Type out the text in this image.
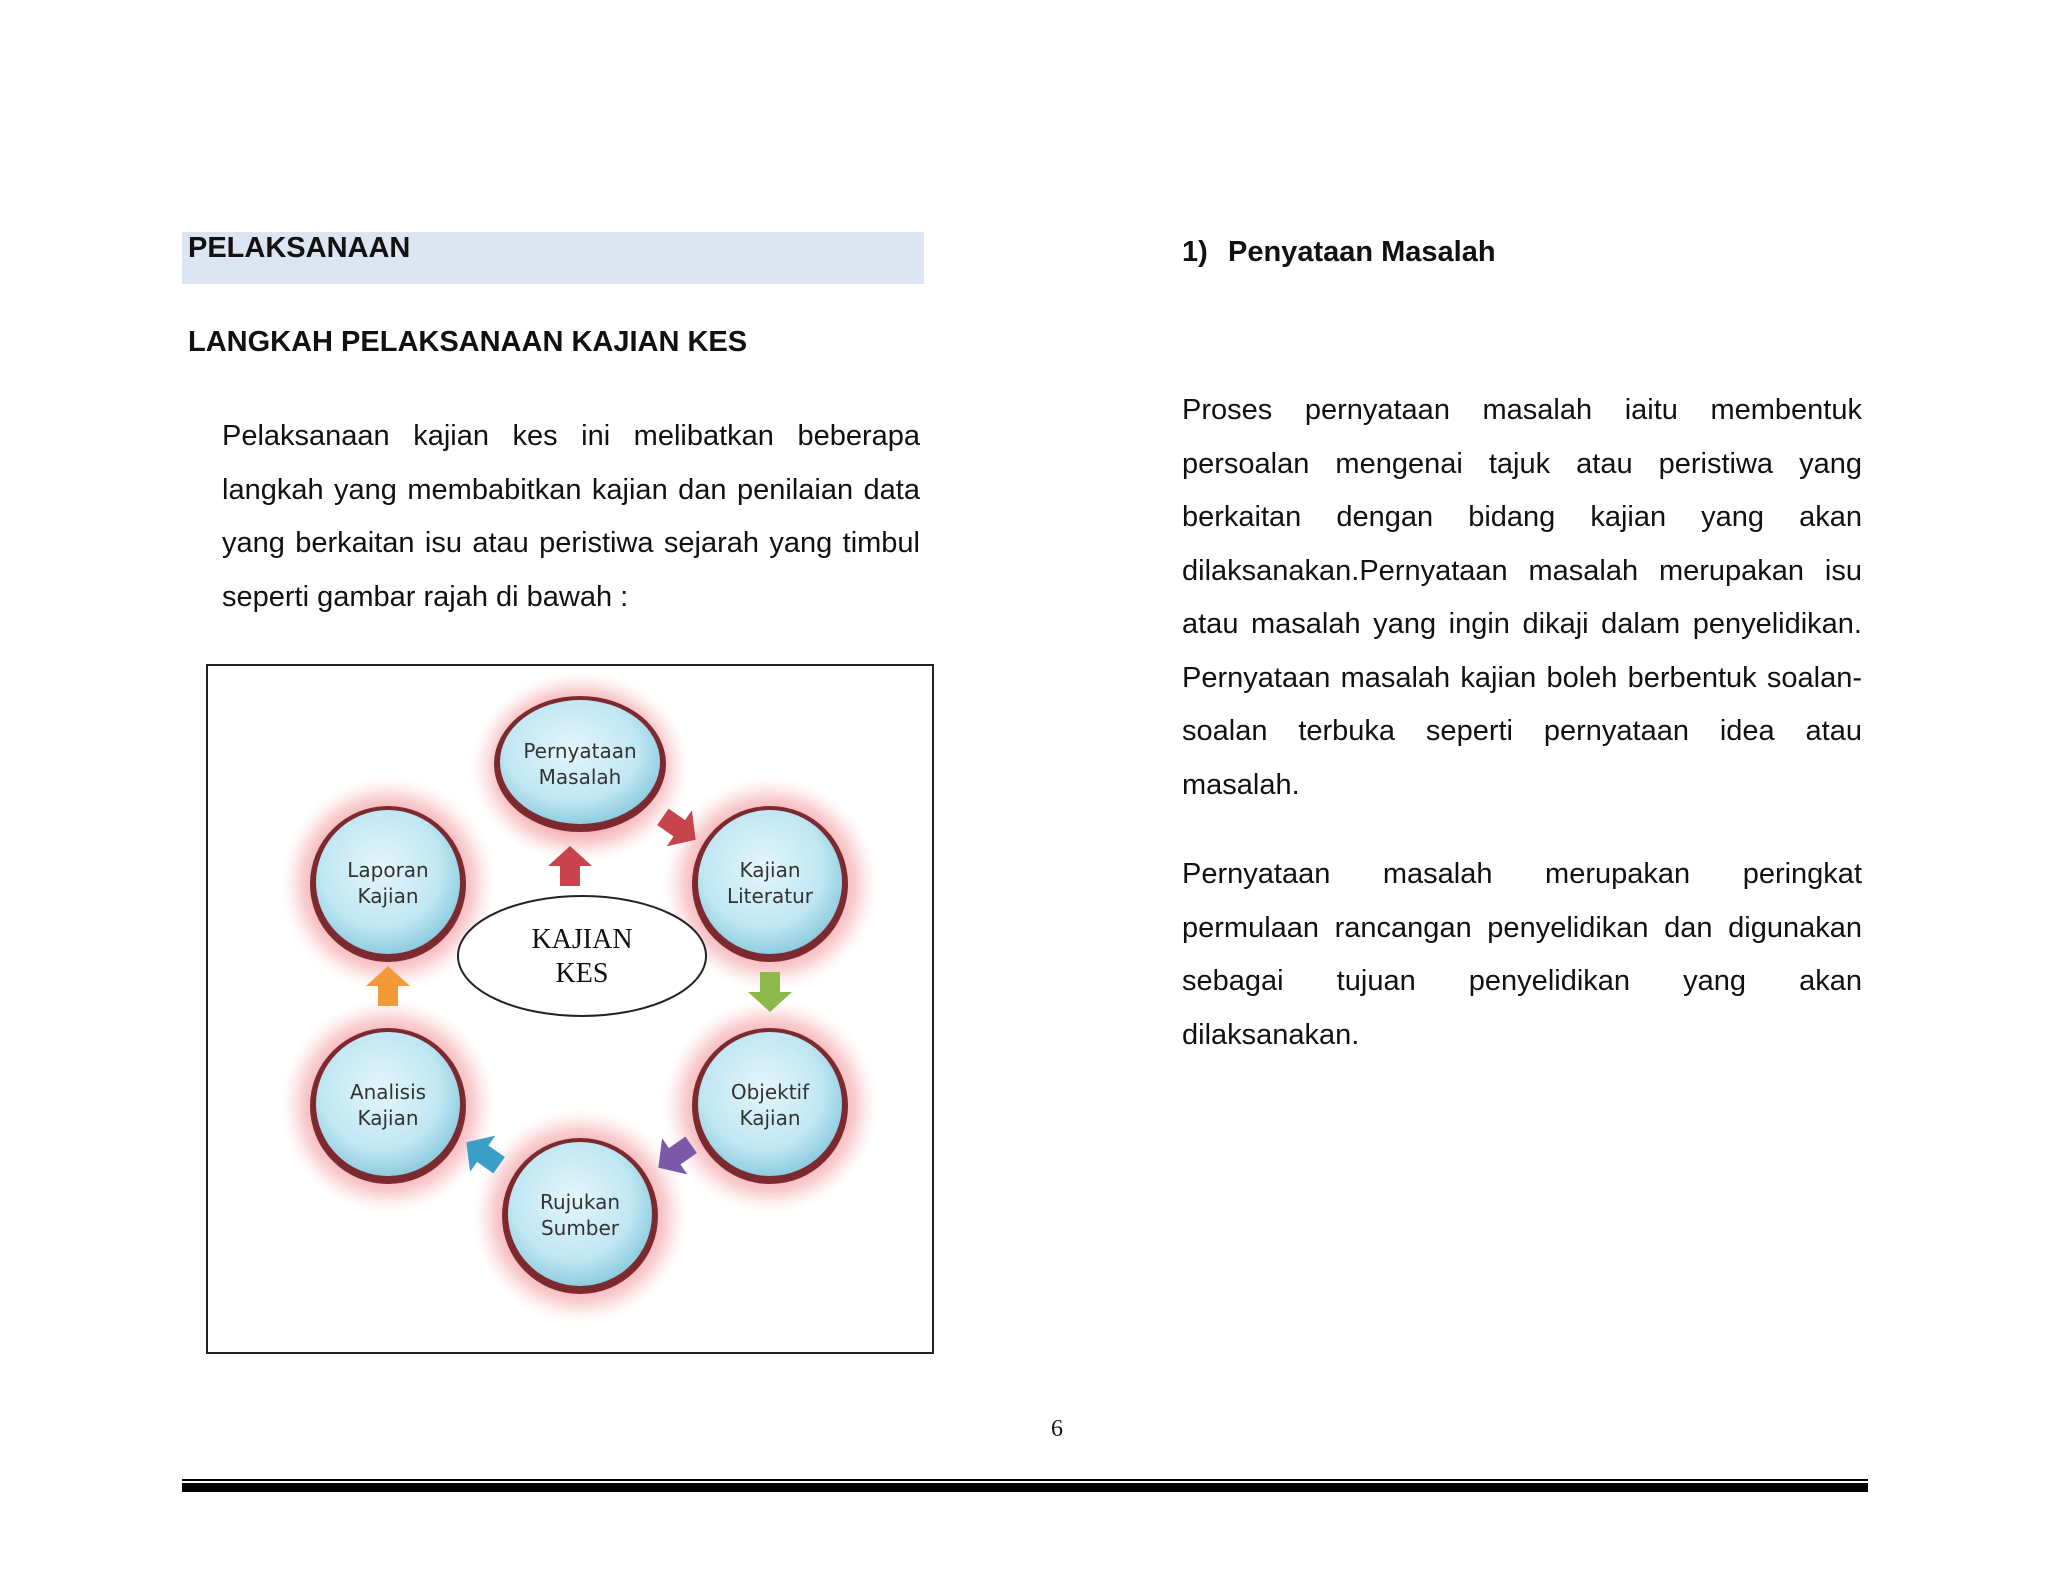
PELAKSANAAN
LANGKAH PELAKSANAAN KAJIAN KES
Pelaksanaan kajian kes ini melibatkan beberapa langkah yang membabitkan kajian dan penilaian data yang berkaitan isu atau peristiwa sejarah yang timbul seperti gambar rajah di bawah :
Pernyataan
Masalah
Kajian
Literatur
Objektif
Kajian
Rujukan
Sumber
Analisis
Kajian
Laporan
Kajian
KAJIAN
KES
1) Penyataan Masalah
Proses pernyataan masalah iaitu membentuk persoalan mengenai tajuk atau peristiwa yang berkaitan dengan bidang kajian yang akan dilaksanakan.Pernyataan masalah merupakan isu atau masalah yang ingin dikaji dalam penyelidikan. Pernyataan masalah kajian boleh berbentuk soalan-soalan terbuka seperti pernyataan idea atau masalah.
Pernyataan masalah merupakan peringkat permulaan rancangan penyelidikan dan digunakan sebagai tujuan penyelidikan yang akan dilaksanakan.
6
